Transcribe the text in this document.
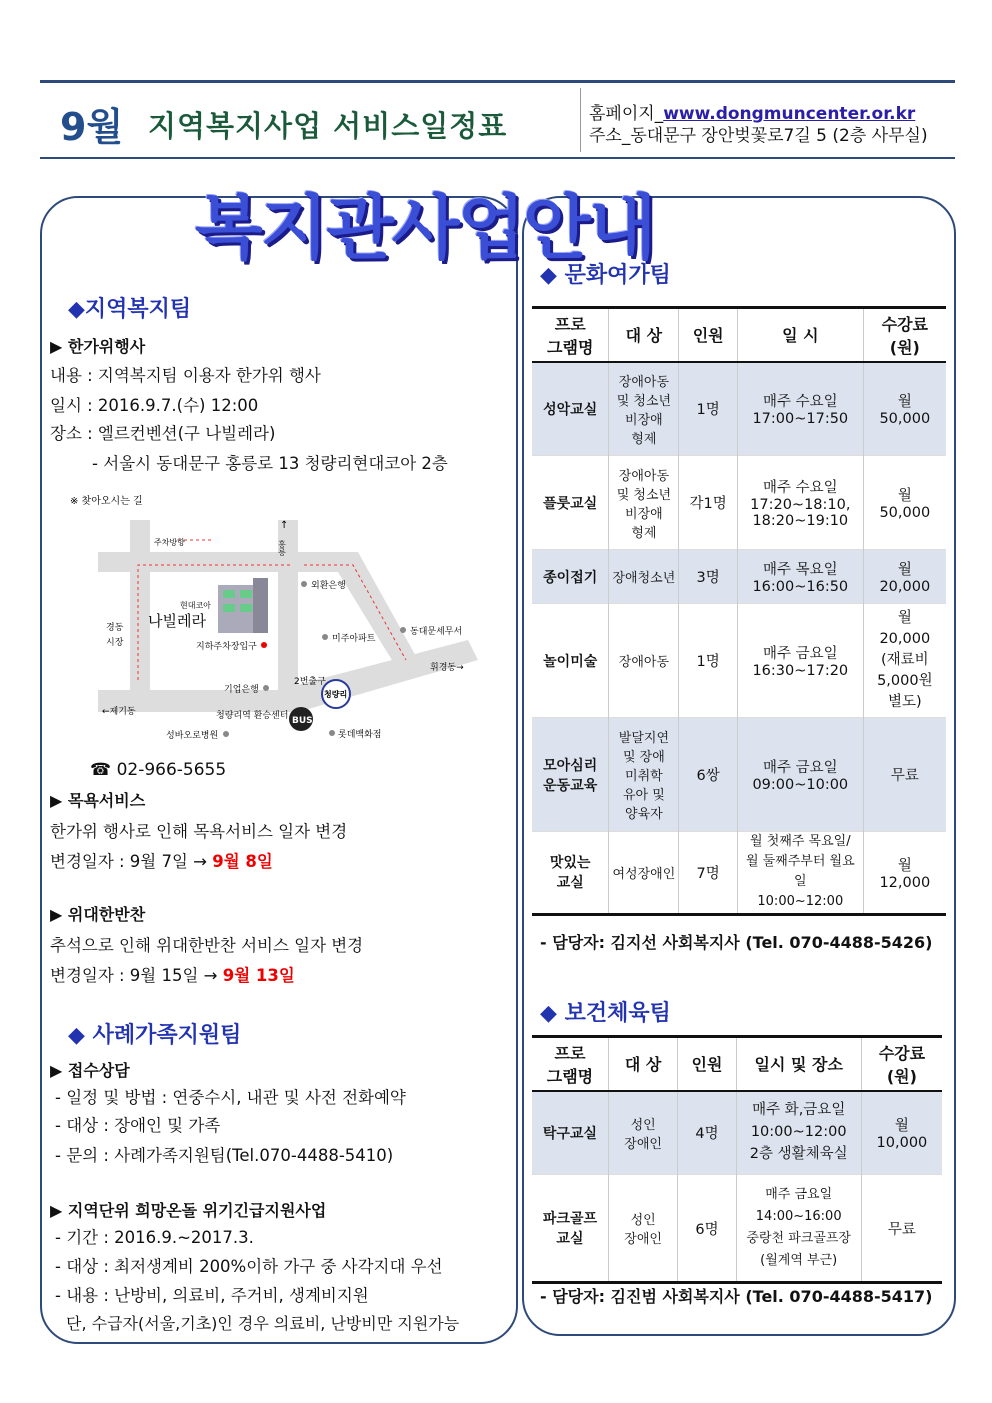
9월 지역복지사업 서비스일정표	홈페이지_www.dongmuncenter.or.kr
주소_동대문구 장안벚꽃로7길 5 (2층 사무실)
복지관사업안내
◆지역복지팀
▶ 한가위행사
내용 : 지역복지팀 이용자 한가위 행사
일시 : 2016.9.7.(수) 12:00
장소 : 엘르컨벤션(구 나빌레라)
- 서울시 동대문구 홍릉로 13 청량리현대코아 2층
※ 찾아오시는 길
주차방향
↑
홍릉
외환은행
현대코아
나빌레라
경동
시장	지하주차장입구
미주아파트
동대문세무서
휘경동→
2번출구
청량리
기업은행
←제기동	청량리역 환승센터 BUS
성바오로병원	롯데백화점
☎ 02-966-5655
▶ 목욕서비스
한가위 행사로 인해 목욕서비스 일자 변경
변경일자 : 9월 7일 → 9월 8일
▶ 위대한반찬
추석으로 인해 위대한반찬 서비스 일자 변경
변경일자 : 9월 15일 → 9월 13일
◆ 사례가족지원팀
▶ 접수상담
- 일정 및 방법 : 연중수시, 내관 및 사전 전화예약
- 대상 : 장애인 및 가족
- 문의 : 사례가족지원팀(Tel.070-4488-5410)
▶ 지역단위 희망온돌 위기긴급지원사업
- 기간 : 2016.9.~2017.3.
- 대상 : 최저생계비 200%이하 가구 중 사각지대 우선
- 내용 : 난방비, 의료비, 주거비, 생계비지원
단, 수급자(서울,기초)인 경우 의료비, 난방비만 지원가능
◆ 문화여가팀
프로
그램명	대 상	인원	일 시	수강료
(원)
성악교실	장애아동
및 청소년
비장애
형제	1명	매주 수요일
17:00~17:50	월
50,000
플룻교실	장애아동
및 청소년
비장애
형제	각1명	매주 수요일
17:20~18:10,
18:20~19:10	월
50,000
종이접기	장애청소년	3명	매주 목요일
16:00~16:50	월
20,000
놀이미술	장애아동	1명	매주 금요일
16:30~17:20	월
20,000
(재료비
5,000원
별도)
모아심리
운동교육	발달지연
및 장애
미취학
유아 및
양육자	6쌍	매주 금요일
09:00~10:00	무료
맛있는
교실	여성장애인	7명	월 첫째주 목요일/
월 둘째주부터 월요일
10:00~12:00	월
12,000
- 담당자: 김지선 사회복지사 (Tel. 070-4488-5426)
◆ 보건체육팀
프로
그램명	대 상	인원	일시 및 장소	수강료
(원)
탁구교실	성인
장애인	4명	매주 화,금요일
10:00~12:00
2층 생활체육실	월
10,000
파크골프
교실	성인
장애인	6명	매주 금요일
14:00~16:00
중랑천 파크골프장
(월계역 부근)	무료
- 담당자: 김진범 사회복지사 (Tel. 070-4488-5417)
